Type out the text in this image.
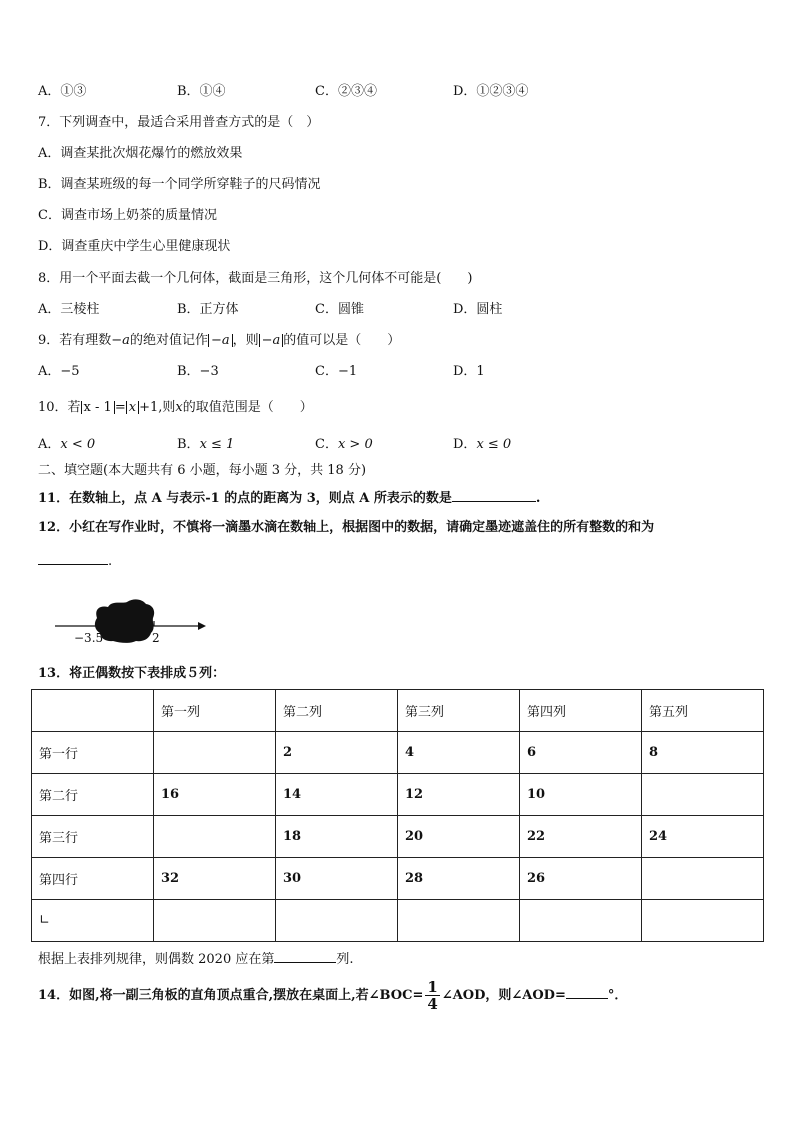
A．①③	B．①④	C．②③④	D．①②③④
7．下列调查中，最适合采用普查方式的是（　）
A．调查某批次烟花爆竹的燃放效果
B．调查某班级的每一个同学所穿鞋子的尺码情况
C．调查市场上奶茶的质量情况
D．调查重庆中学生心里健康现状
8．用一个平面去截一个几何体，截面是三角形，这个几何体不可能是(　　)
A．三棱柱	B．正方体	C．圆锥	D．圆柱
9．若有理数−a的绝对值记作 −a ，则 −a 的值可以是（　　）
A．−5	B．−3	C．−1	D．1
10．若 x - 1 = x +1,则x的取值范围是（　　）
A．x < 0	B．x ≤ 1	C．x > 0	D．x ≤ 0
二、填空题(本大题共有 6 小题，每小题 3 分，共 18 分)
11．在数轴上，点 A 与表示-1 的点的距离为 3，则点 A 所表示的数是	.
12．小红在写作业时，不慎将一滴墨水滴在数轴上，根据图中的数据，请确定墨迹遮盖住的所有整数的和为
.
−3.5	2
13．将正偶数按下表排成５列：
	第一列	第二列	第三列	第四列	第五列
第一行		2	4	6	8
第二行	16	14	12	10	
第三行		18	20	22	24
第四行	32	30	28	26	
∟					
根据上表排列规律，则偶数 2020 应在第	列.
14．如图,将一副三角板的直角顶点重合,摆放在桌面上,若∠BOC= $\frac{1}{4}$ ∠AOD，则∠AOD=	°．
